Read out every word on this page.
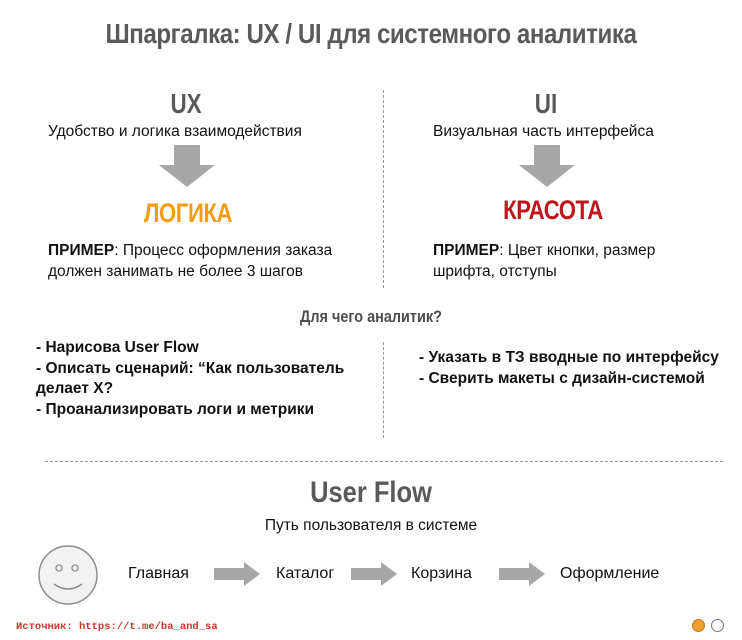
Шпаргалка: UX / UI для системного аналитика
UX
Удобство и логика взаимодействия
ЛОГИКА
ПРИМЕР: Процесс оформления заказа должен занимать не более 3 шагов
UI
Визуальная часть интерфейса
КРАСОТА
ПРИМЕР: Цвет кнопки, размер шрифта, отступы
Для чего аналитик?
- Нарисова User Flow
- Описать сценарий: “Как пользователь делает Х?
- Проанализировать логи и метрики
- Указать в ТЗ вводные по интерфейсу
- Сверить макеты с дизайн-системой
User Flow
Путь пользователя в системе
Главная	Каталог	Корзина	Оформление
Источник: https://t.me/ba_and_sa
